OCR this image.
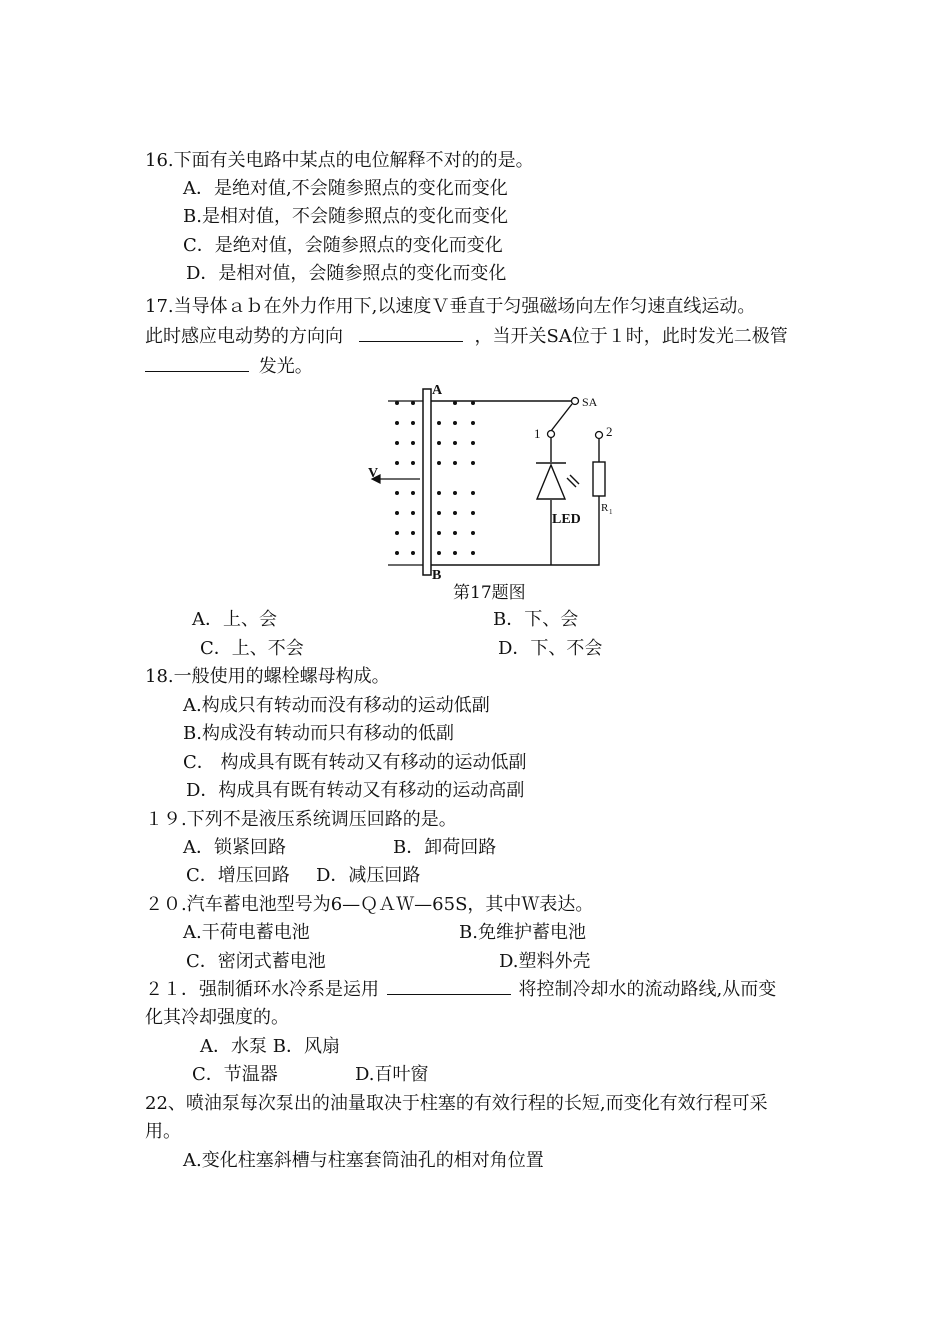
16.下面有关电路中某点的电位解释不对的的是。
A．是绝对值,不会随参照点的变化而变化
B.是相对值，不会随参照点的变化而变化
C．是绝对值，会随参照点的变化而变化
D．是相对值，会随参照点的变化而变化
17.当导体ａｂ在外力作用下,以速度Ｖ垂直于匀强磁场向左作匀速直线运动。
此时感应电动势的方向向	，当开关SA位于１时，此时发光二极管
发光。
A
B
SA
1	2
V
LED
R 1
第17题图
A．上、会	B．下、会
C．上、不会	D．下、不会
18.一般使用的螺栓螺母构成。
A.构成只有转动而没有移动的运动低副
B.构成没有转动而只有移动的低副
C． 构成具有既有转动又有移动的运动低副
D．构成具有既有转动又有移动的运动高副
１９.下列不是液压系统调压回路的是。
A．锁紧回路	B．卸荷回路
C．增压回路 D．减压回路
２０.汽车蓄电池型号为6—ＱＡＷ—65S，其中Ｗ表达。
A.干荷电蓄电池	B.免维护蓄电池
C．密闭式蓄电池	D.塑料外壳
２１．强制循环水冷系是运用	将控制冷却水的流动路线,从而变
化其冷却强度的。
A．水泵 B．风扇
C．节温器	D.百叶窗
22、喷油泵每次泵出的油量取决于柱塞的有效行程的长短,而变化有效行程可采
用。
A.变化柱塞斜槽与柱塞套筒油孔的相对角位置
